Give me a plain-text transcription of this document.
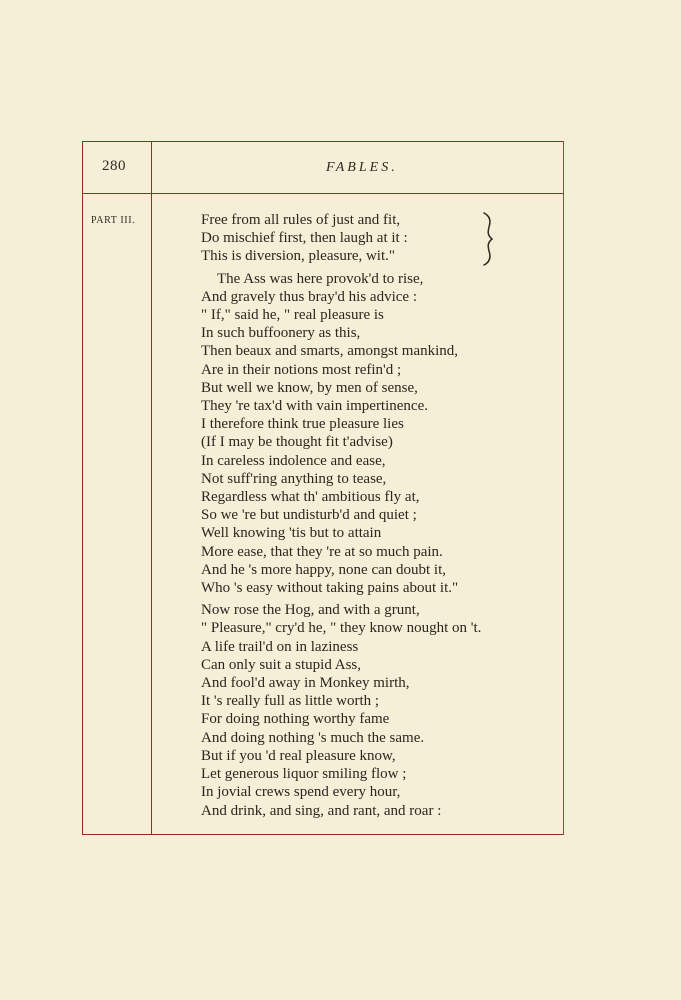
280	FABLES.
PART III.	Free from all rules of just and fit,
Do mischief first, then laugh at it :
This is diversion, pleasure, wit."
The Ass was here provok'd to rise,
And gravely thus bray'd his advice :
" If," said he, " real pleasure is
In such buffoonery as this,
Then beaux and smarts, amongst mankind,
Are in their notions most refin'd ;
But well we know, by men of sense,
They 're tax'd with vain impertinence.
I therefore think true pleasure lies
(If I may be thought fit t'advise)
In careless indolence and ease,
Not suff'ring anything to tease,
Regardless what th' ambitious fly at,
So we 're but undisturb'd and quiet ;
Well knowing 'tis but to attain
More ease, that they 're at so much pain.
And he 's more happy, none can doubt it,
Who 's easy without taking pains about it."
Now rose the Hog, and with a grunt,
" Pleasure," cry'd he, " they know nought on 't.
A life trail'd on in laziness
Can only suit a stupid Ass,
And fool'd away in Monkey mirth,
It 's really full as little worth ;
For doing nothing worthy fame
And doing nothing 's much the same.
But if you 'd real pleasure know,
Let generous liquor smiling flow ;
In jovial crews spend every hour,
And drink, and sing, and rant, and roar :
